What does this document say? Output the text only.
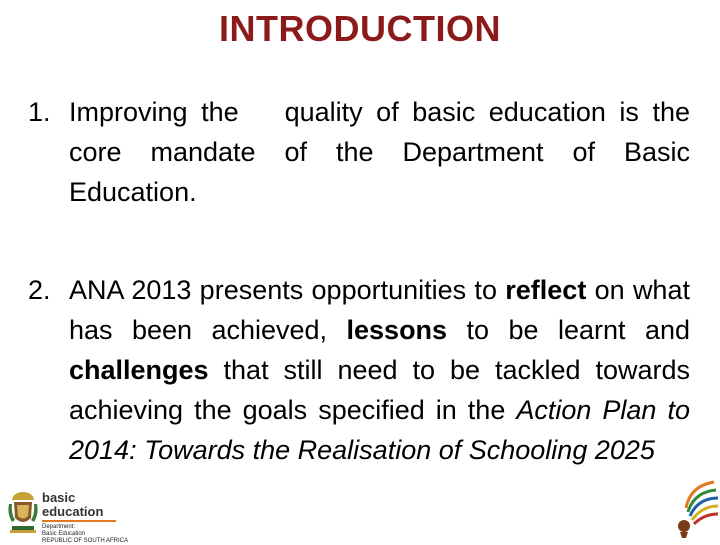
INTRODUCTION
1. Improving the quality of basic education is the core mandate of the Department of Basic Education.
2. ANA 2013 presents opportunities to reflect on what has been achieved, lessons to be learnt and challenges that still need to be tackled towards achieving the goals specified in the Action Plan to 2014: Towards the Realisation of Schooling 2025
basic education
Department:
Basic Education
REPUBLIC OF SOUTH AFRICA
